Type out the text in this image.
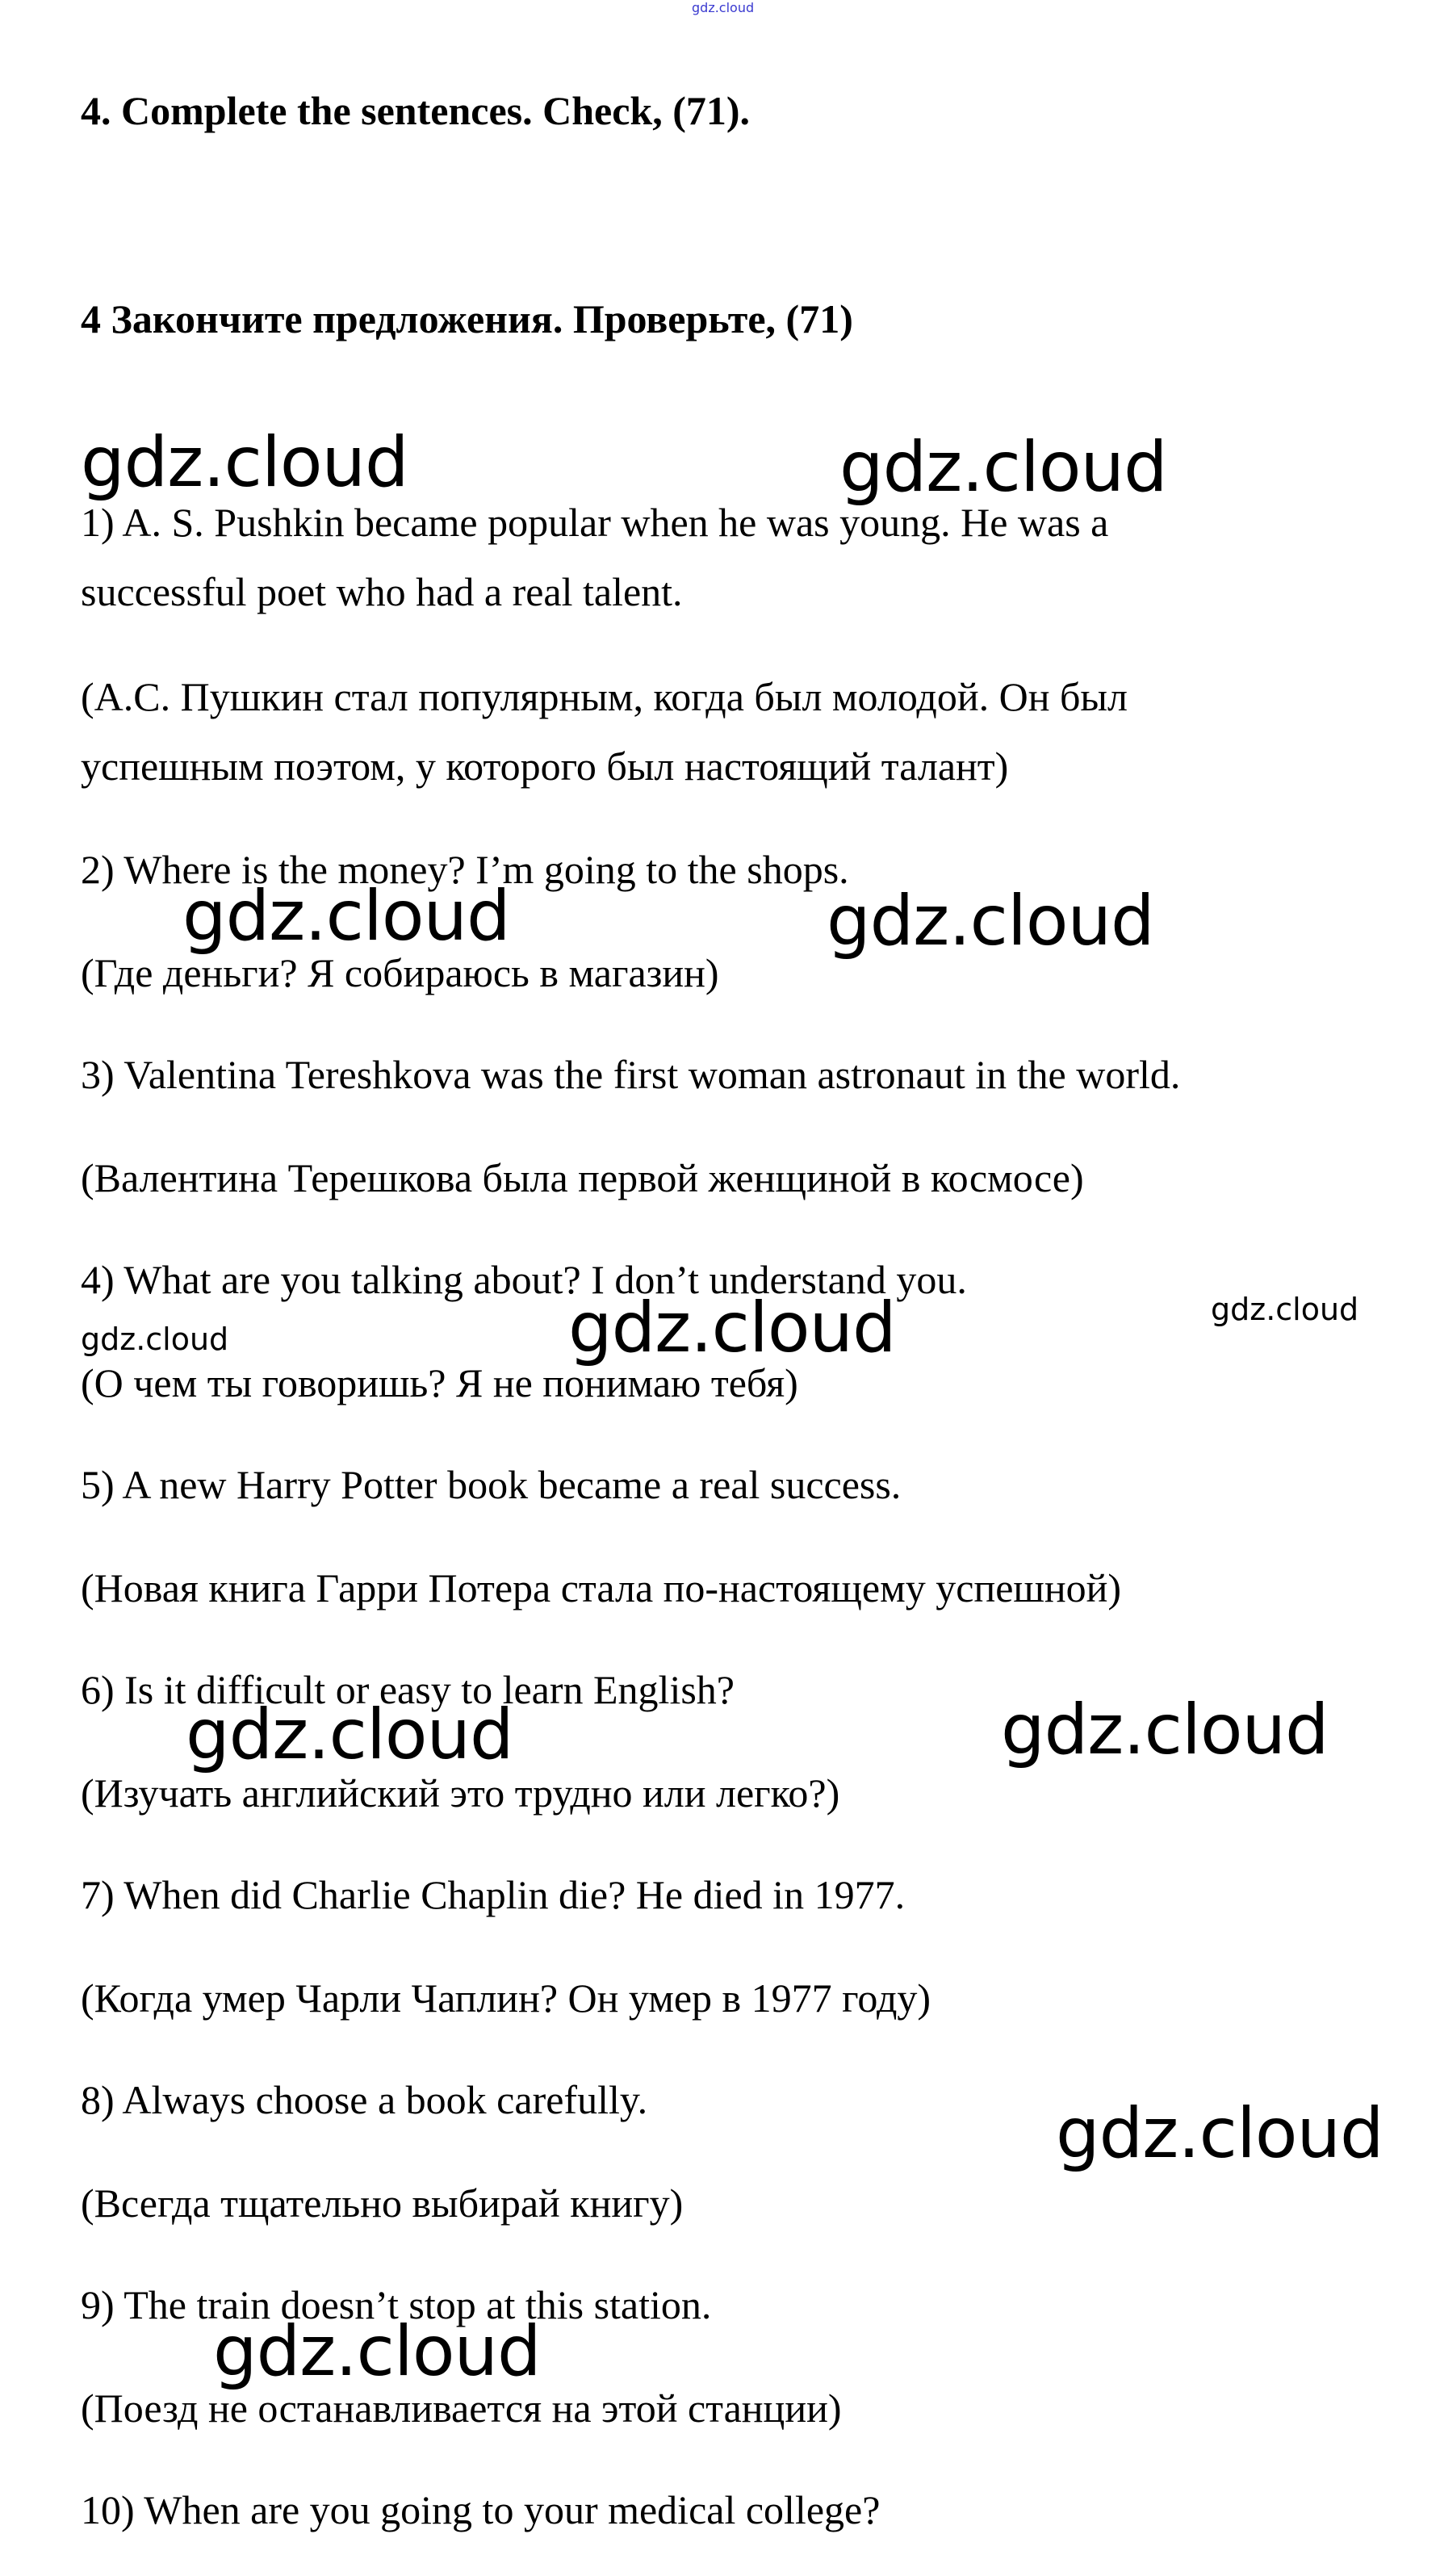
gdz.cloud
4. Complete the sentences. Check, (71).
4 Закончите предложения. Проверьте, (71)
1) A. S. Pushkin became popular when he was young. He was a
successful poet who had a real talent.
(А.С. Пушкин стал популярным, когда был молодой. Он был
успешным поэтом, у которого был настоящий талант)
2) Where is the money? I’m going to the shops.
(Где деньги? Я собираюсь в магазин)
3) Valentina Tereshkova was the first woman astronaut in the world.
(Валентина Терешкова была первой женщиной в космосе)
4) What are you talking about? I don’t understand you.
(О чем ты говоришь? Я не понимаю тебя)
5) A new Harry Potter book became a real success.
(Новая книга Гарри Потера стала по-настоящему успешной)
6) Is it difficult or easy to learn English?
(Изучать английский это трудно или легко?)
7) When did Charlie Chaplin die? He died in 1977.
(Когда умер Чарли Чаплин? Он умер в 1977 году)
8) Always choose a book carefully.
(Всегда тщательно выбирай книгу)
9) The train doesn’t stop at this station.
(Поезд не останавливается на этой станции)
10) When are you going to your medical college?
gdz.cloud	gdz.cloud
gdz.cloud	gdz.cloud
gdz.cloud	gdz.cloud	gdz.cloud
gdz.cloud	gdz.cloud
gdz.cloud
gdz.cloud
